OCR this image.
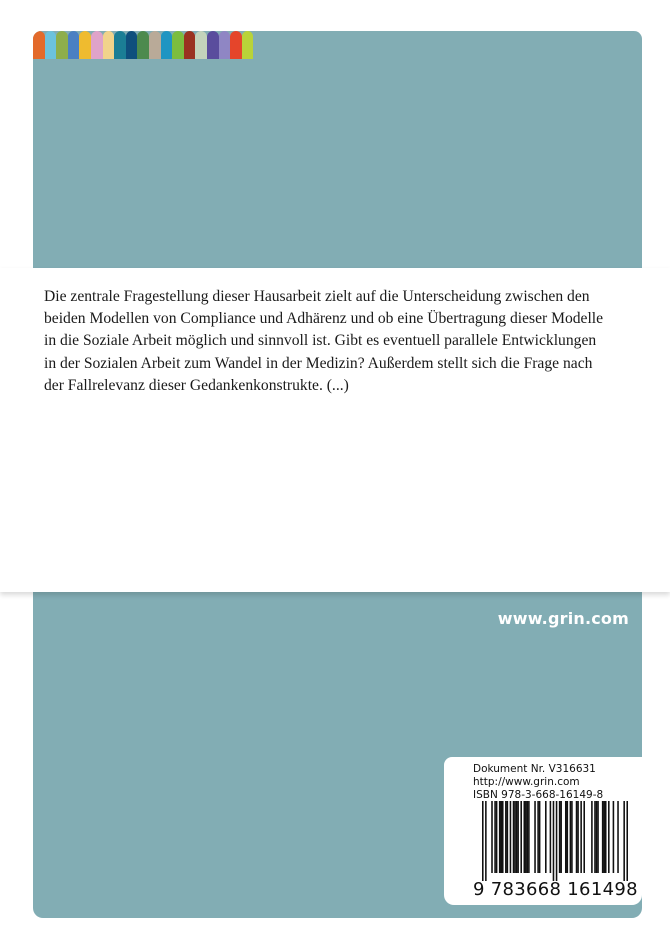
Die zentrale Fragestellung dieser Hausarbeit zielt auf die Unterscheidung zwischen den
beiden Modellen von Compliance und Adhärenz und ob eine Übertragung dieser Modelle
in die Soziale Arbeit möglich und sinnvoll ist. Gibt es eventuell parallele Entwicklungen
in der Sozialen Arbeit zum Wandel in der Medizin? Außerdem stellt sich die Frage nach
der Fallrelevanz dieser Gedankenkonstrukte. (...)

www.grin.com
Dokument Nr. V316631
http://www.grin.com
ISBN 978-3-668-16149-8
9 783668 161498
